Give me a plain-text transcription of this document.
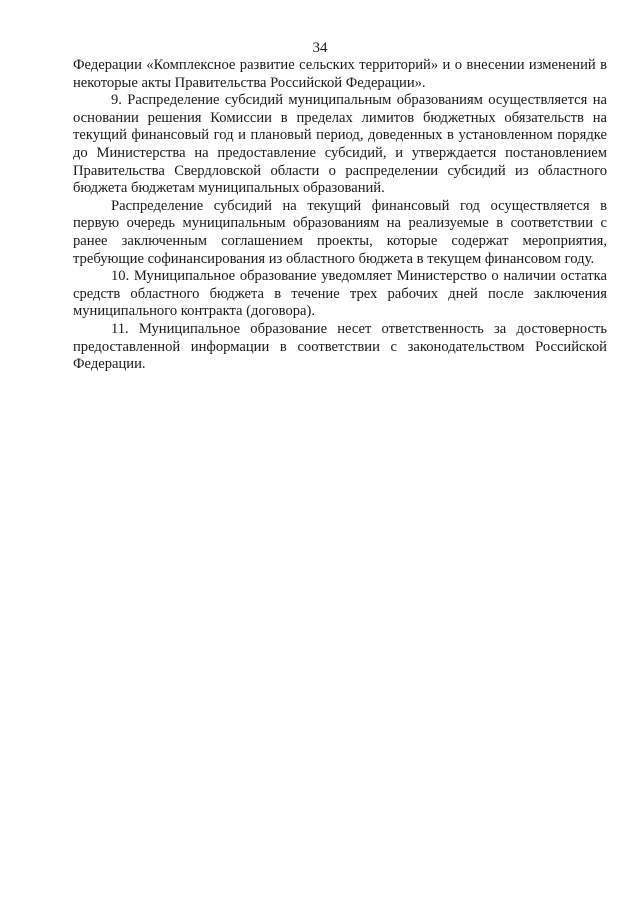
34

Федерации «Комплексное развитие сельских территорий» и о внесении изменений в некоторые акты Правительства Российской Федерации».

9. Распределение субсидий муниципальным образованиям осуществляется на основании решения Комиссии в пределах лимитов бюджетных обязательств на текущий финансовый год и плановый период, доведенных в установленном порядке до Министерства на предоставление субсидий, и утверждается постановлением Правительства Свердловской области о распределении субсидий из областного бюджета бюджетам муниципальных образований.

Распределение субсидий на текущий финансовый год осуществляется в первую очередь муниципальным образованиям на реализуемые в соответствии с ранее заключенным соглашением проекты, которые содержат мероприятия, требующие софинансирования из областного бюджета в текущем финансовом году.

10. Муниципальное образование уведомляет Министерство о наличии остатка средств областного бюджета в течение трех рабочих дней после заключения муниципального контракта (договора).

11. Муниципальное образование несет ответственность за достоверность предоставленной информации в соответствии с законодательством Российской Федерации.
